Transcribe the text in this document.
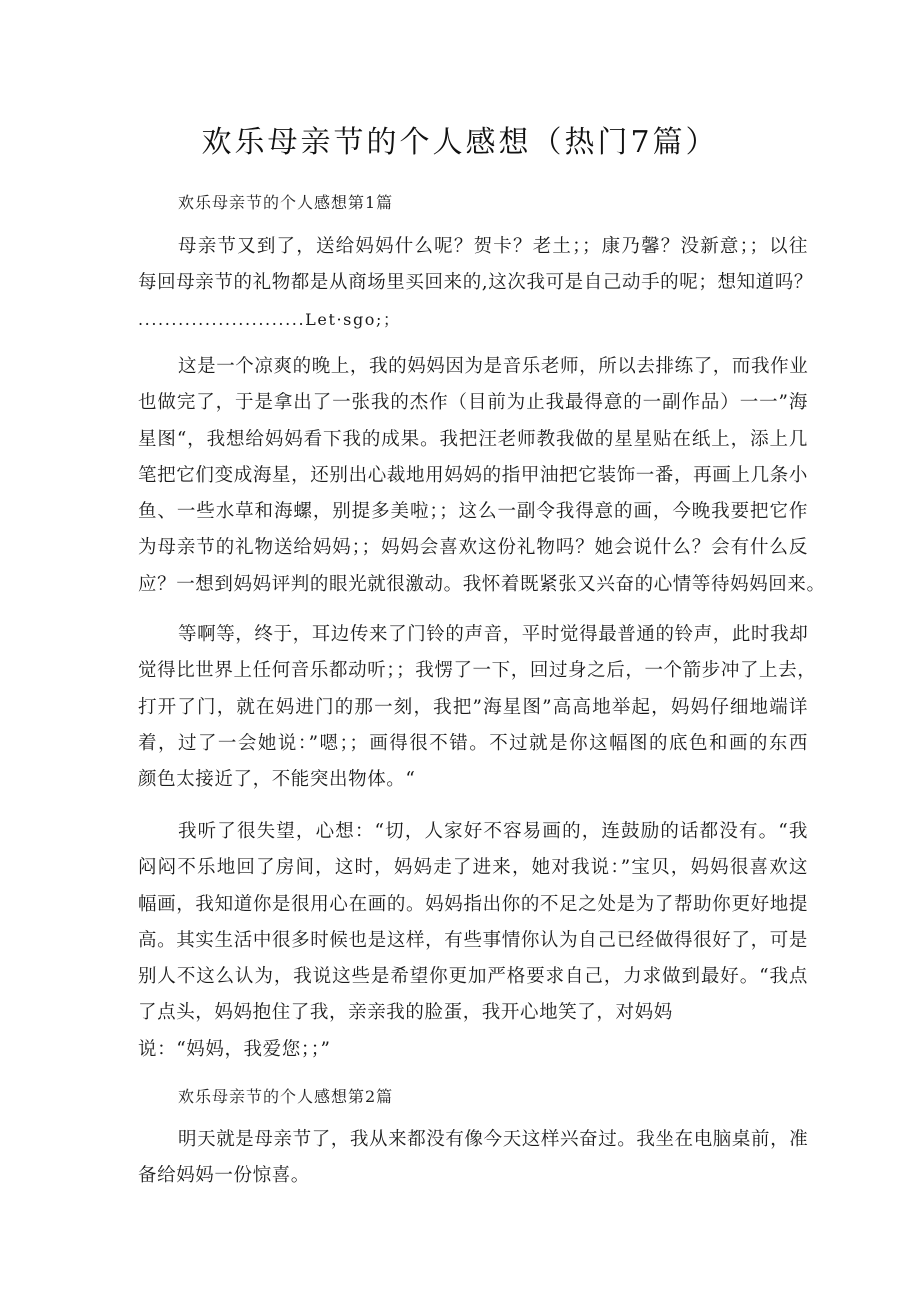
欢乐母亲节的个人感想（热门7篇）
欢乐母亲节的个人感想第1篇
母亲节又到了，送给妈妈什么呢？贺卡？老土；；康乃馨？没新意；；以往
每回母亲节的礼物都是从商场里买回来的,这次我可是自己动手的呢；想知道吗？
.........................Let·sgo;；
这是一个凉爽的晚上，我的妈妈因为是音乐老师，所以去排练了，而我作业
也做完了，于是拿出了一张我的杰作（目前为止我最得意的一副作品）一一”海
星图“，我想给妈妈看下我的成果。我把汪老师教我做的星星贴在纸上，添上几
笔把它们变成海星，还别出心裁地用妈妈的指甲油把它装饰一番，再画上几条小
鱼、一些水草和海螺，别提多美啦；；这么一副令我得意的画，今晚我要把它作
为母亲节的礼物送给妈妈；；妈妈会喜欢这份礼物吗？她会说什么？会有什么反
应？一想到妈妈评判的眼光就很激动。我怀着既紧张又兴奋的心情等待妈妈回来。
等啊等，终于，耳边传来了门铃的声音，平时觉得最普通的铃声，此时我却
觉得比世界上任何音乐都动听；；我愣了一下，回过身之后，一个箭步冲了上去，
打开了门，就在妈进门的那一刻，我把”海星图”高高地举起，妈妈仔细地端详
着，过了一会她说：”嗯；；画得很不错。不过就是你这幅图的底色和画的东西
颜色太接近了，不能突出物体。“
我听了很失望，心想：“切，人家好不容易画的，连鼓励的话都没有。“我
闷闷不乐地回了房间，这时，妈妈走了进来，她对我说：”宝贝，妈妈很喜欢这
幅画，我知道你是很用心在画的。妈妈指出你的不足之处是为了帮助你更好地提
高。其实生活中很多时候也是这样，有些事情你认为自己已经做得很好了，可是
别人不这么认为，我说这些是希望你更加严格要求自己，力求做到最好。“我点
了点头，妈妈抱住了我，亲亲我的脸蛋，我开心地笑了，对妈妈
说：“妈妈，我爱您；；”
欢乐母亲节的个人感想第2篇
明天就是母亲节了，我从来都没有像今天这样兴奋过。我坐在电脑桌前，准
备给妈妈一份惊喜。
